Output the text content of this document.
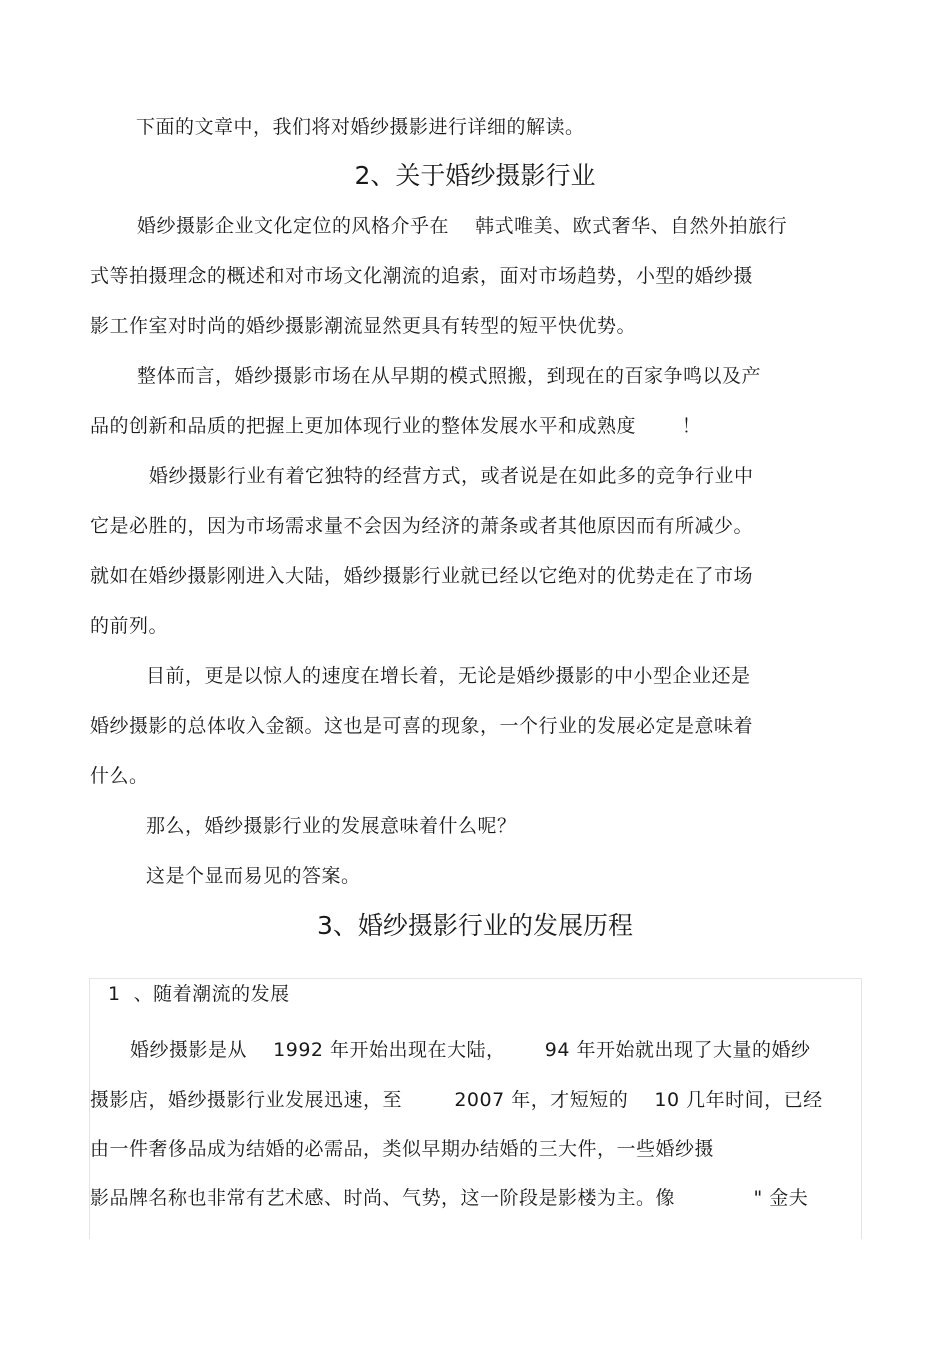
下面的文章中，我们将对婚纱摄影进行详细的解读。
2、关于婚纱摄影行业
婚纱摄影企业文化定位的风格介乎在    韩式唯美、欧式奢华、自然外拍旅行
式等拍摄理念的概述和对市场文化潮流的追索，面对市场趋势，小型的婚纱摄
影工作室对时尚的婚纱摄影潮流显然更具有转型的短平快优势。
整体而言，婚纱摄影市场在从早期的模式照搬，到现在的百家争鸣以及产
品的创新和品质的把握上更加体现行业的整体发展水平和成熟度       ！
婚纱摄影行业有着它独特的经营方式，或者说是在如此多的竞争行业中
它是必胜的，因为市场需求量不会因为经济的萧条或者其他原因而有所减少。
就如在婚纱摄影刚进入大陆，婚纱摄影行业就已经以它绝对的优势走在了市场
的前列。
目前，更是以惊人的速度在增长着，无论是婚纱摄影的中小型企业还是
婚纱摄影的总体收入金额。这也是可喜的现象，一个行业的发展必定是意味着
什么。
那么，婚纱摄影行业的发展意味着什么呢？
这是个显而易见的答案。
3、婚纱摄影行业的发展历程
1  、随着潮流的发展
婚纱摄影是从    1992 年开始出现在大陆，      94 年开始就出现了大量的婚纱
摄影店，婚纱摄影行业发展迅速，至        2007 年，才短短的    10 几年时间，已经
由一件奢侈品成为结婚的必需品，类似早期办结婚的三大件，一些婚纱摄
影品牌名称也非常有艺术感、时尚、气势，这一阶段是影楼为主。像            " 金夫
